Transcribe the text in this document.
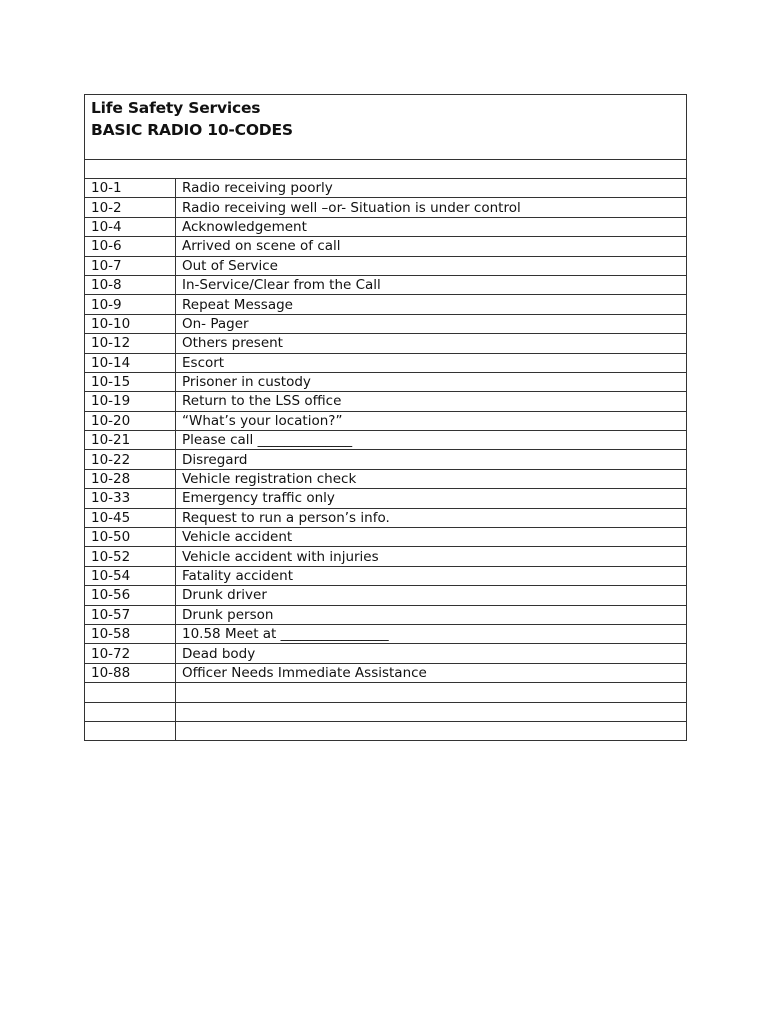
Life Safety Services
BASIC RADIO 10-CODES	

10-1	Radio receiving poorly
10-2	Radio receiving well –or- Situation is under control
10-4	Acknowledgement
10-6	Arrived on scene of call
10-7	Out of Service
10-8	In-Service/Clear from the Call
10-9	Repeat Message
10-10	On- Pager
10-12	Others present
10-14	Escort
10-15	Prisoner in custody
10-19	Return to the LSS office
10-20	“What’s your location?”
10-21	Please call ______________
10-22	Disregard
10-28	Vehicle registration check
10-33	Emergency traffic only
10-45	Request to run a person’s info.
10-50	Vehicle accident
10-52	Vehicle accident with injuries
10-54	Fatality accident
10-56	Drunk driver
10-57	Drunk person
10-58	10.58 Meet at ________________
10-72	Dead body
10-88	Officer Needs Immediate Assistance
